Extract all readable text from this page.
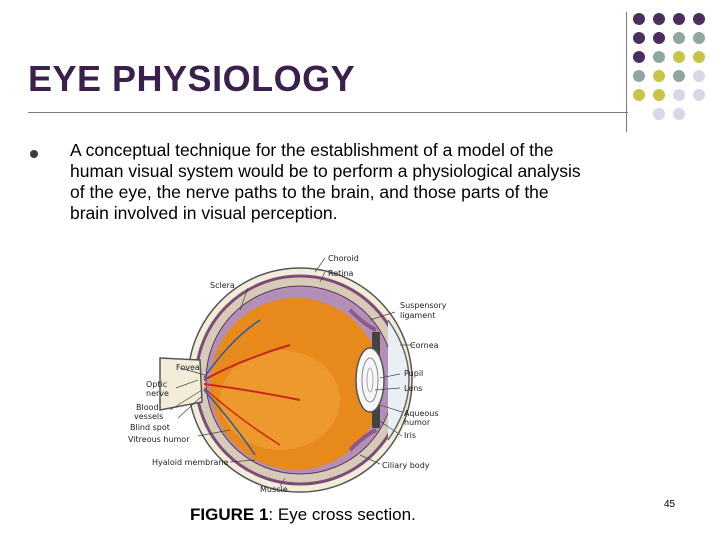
EYE PHYSIOLOGY

A conceptual technique for the establishment of a model of the human visual system would be to perform a physiological analysis of the eye, the nerve paths to the brain, and those parts of the brain involved in visual perception.

Choroid
Retina
Sclera
Suspensory
ligament
Cornea
Fovea
Pupil
Optic
nerve
Lens
Blood
vessels	Aqueous
humor
Blind spot
Iris
Vitreous humor
Hyaloid membrane	Ciliary body
Muscle
FIGURE 1: Eye cross section.
45
